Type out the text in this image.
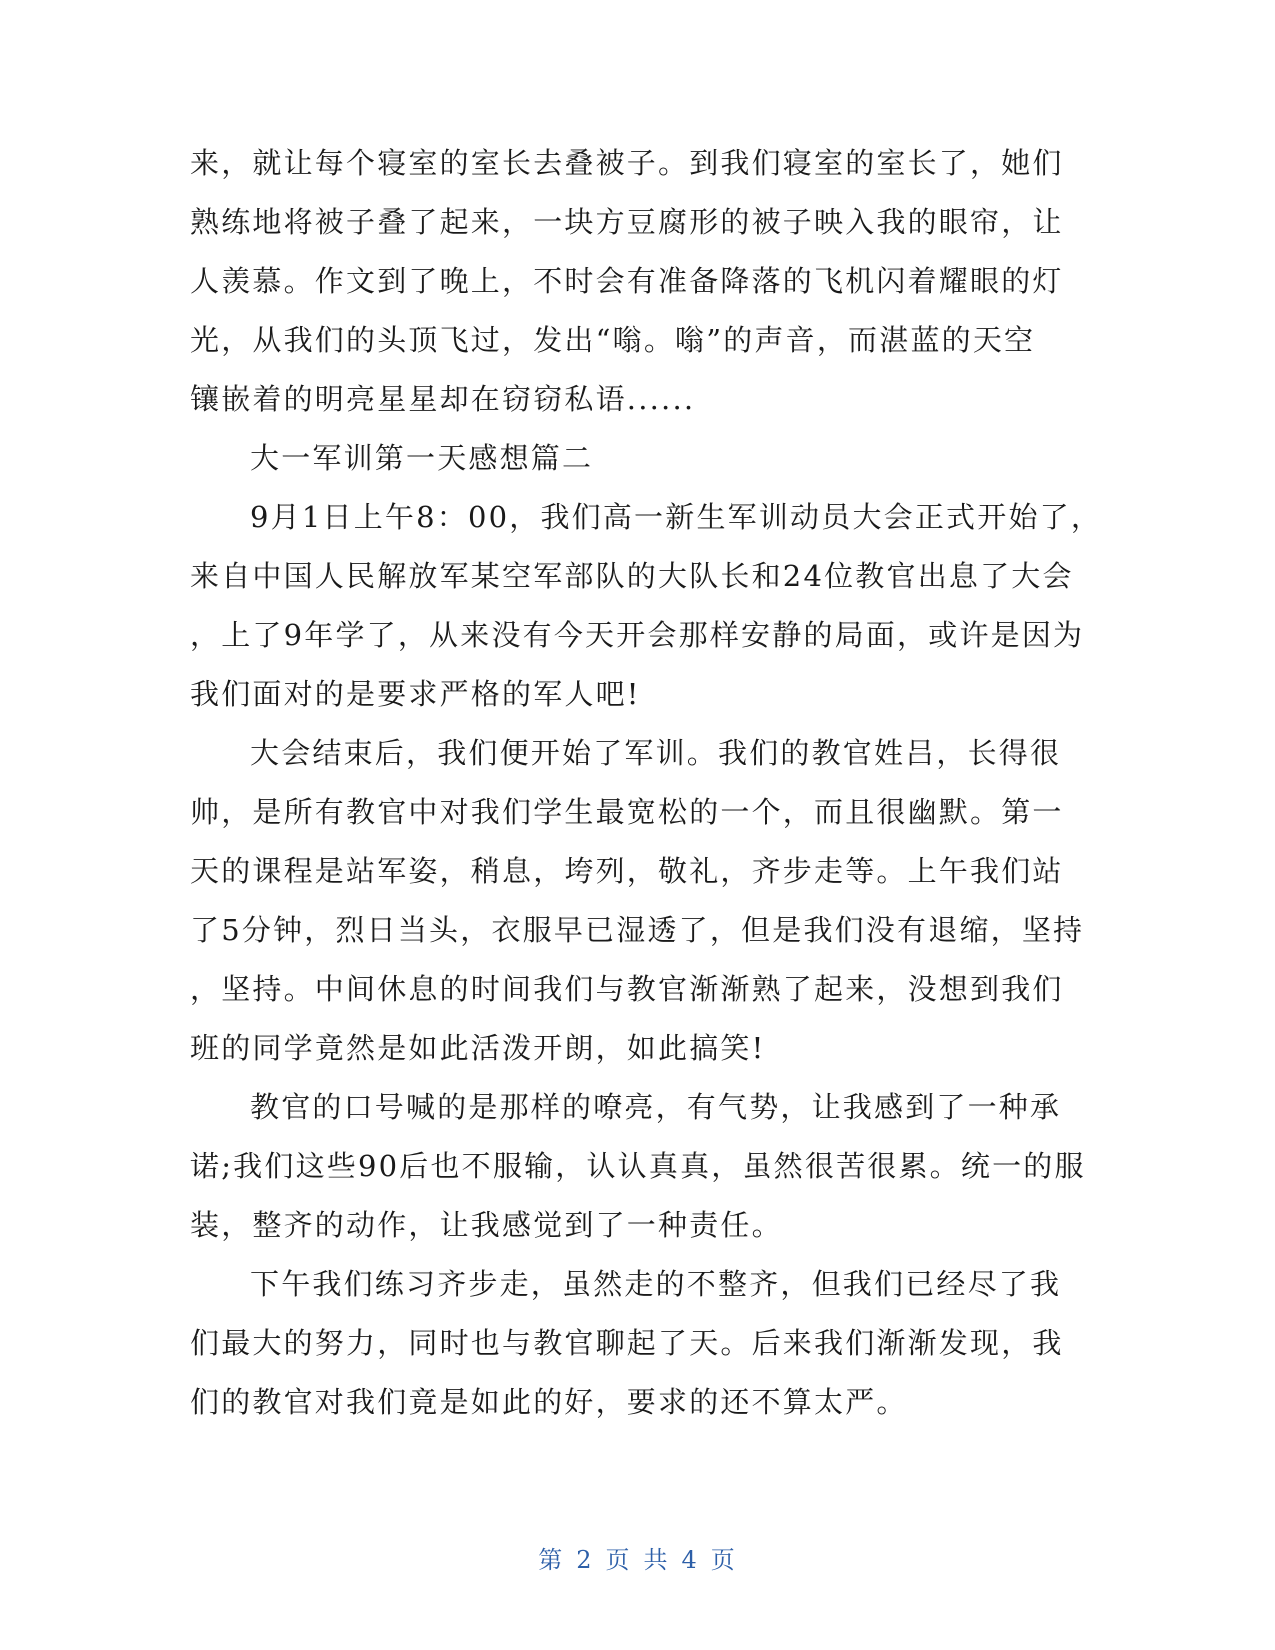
来，就让每个寝室的室长去叠被子。到我们寝室的室长了，她们
熟练地将被子叠了起来，一块方豆腐形的被子映入我的眼帘，让
人羡慕。作文到了晚上，不时会有准备降落的飞机闪着耀眼的灯
光，从我们的头顶飞过，发出“嗡。嗡”的声音，而湛蓝的天空
镶嵌着的明亮星星却在窃窃私语......
大一军训第一天感想篇二
9月1日上午8：00，我们高一新生军训动员大会正式开始了，
来自中国人民解放军某空军部队的大队长和24位教官出息了大会
，上了9年学了，从来没有今天开会那样安静的局面，或许是因为
我们面对的是要求严格的军人吧!
大会结束后，我们便开始了军训。我们的教官姓吕，长得很
帅，是所有教官中对我们学生最宽松的一个，而且很幽默。第一
天的课程是站军姿，稍息，垮列，敬礼，齐步走等。上午我们站
了5分钟，烈日当头，衣服早已湿透了，但是我们没有退缩，坚持
，坚持。中间休息的时间我们与教官渐渐熟了起来，没想到我们
班的同学竟然是如此活泼开朗，如此搞笑!
教官的口号喊的是那样的嘹亮，有气势，让我感到了一种承
诺;我们这些90后也不服输，认认真真，虽然很苦很累。统一的服
装，整齐的动作，让我感觉到了一种责任。
下午我们练习齐步走，虽然走的不整齐，但我们已经尽了我
们最大的努力，同时也与教官聊起了天。后来我们渐渐发现，我
们的教官对我们竟是如此的好，要求的还不算太严。
第 2 页 共 4 页
